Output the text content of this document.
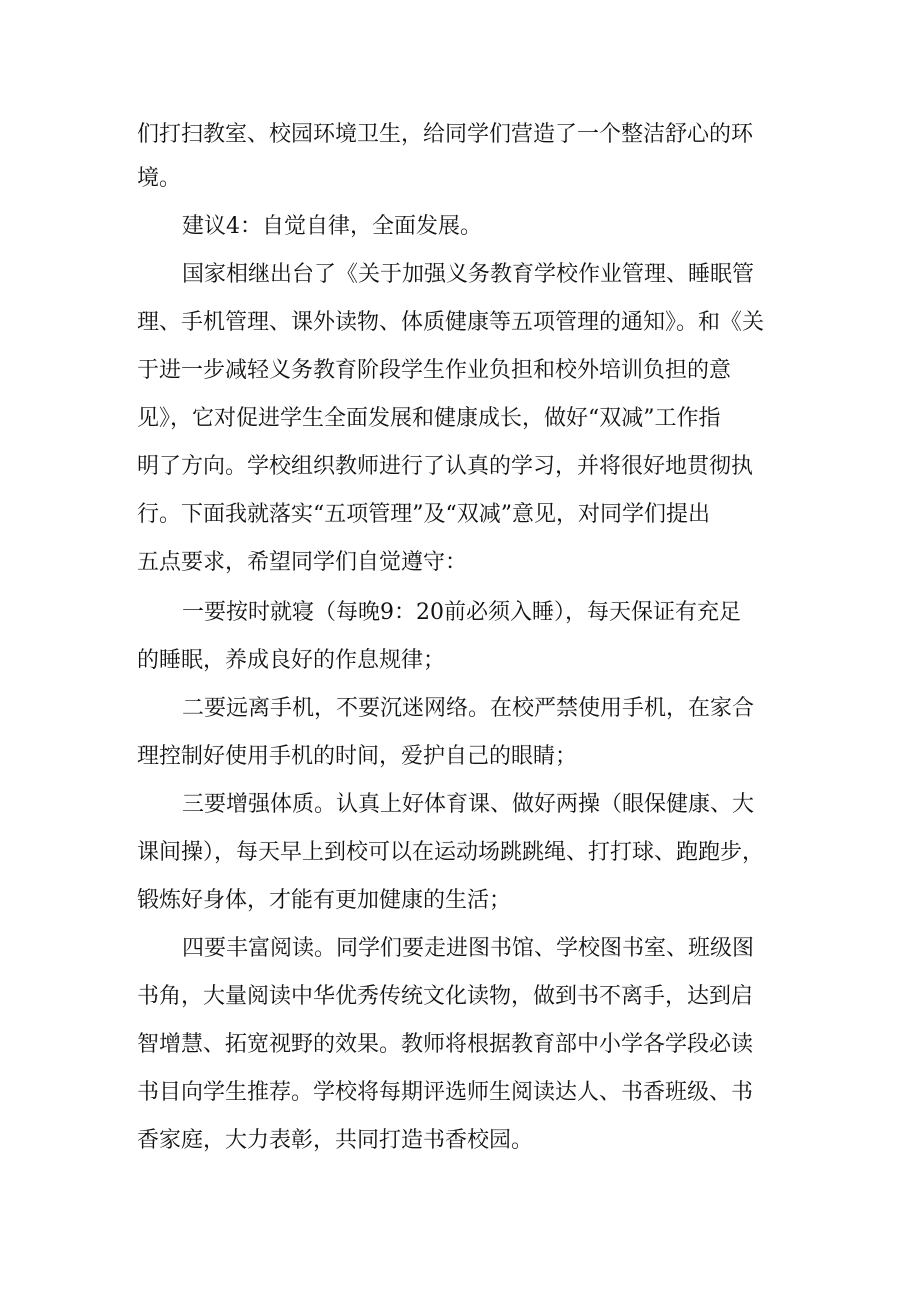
们打扫教室、校园环境卫生，给同学们营造了一个整洁舒心的环

境。

建议4：自觉自律，全面发展。

国家相继出台了《关于加强义务教育学校作业管理、睡眠管

理、手机管理、课外读物、体质健康等五项管理的通知》。和《关

于进一步减轻义务教育阶段学生作业负担和校外培训负担的意

见》，它对促进学生全面发展和健康成长，做好“双减”工作指

明了方向。学校组织教师进行了认真的学习，并将很好地贯彻执

行。下面我就落实“五项管理”及“双减”意见，对同学们提出

五点要求，希望同学们自觉遵守：

一要按时就寝（每晚9：20前必须入睡），每天保证有充足

的睡眠，养成良好的作息规律；

二要远离手机，不要沉迷网络。在校严禁使用手机，在家合

理控制好使用手机的时间，爱护自己的眼睛；

三要增强体质。认真上好体育课、做好两操（眼保健康、大

课间操），每天早上到校可以在运动场跳跳绳、打打球、跑跑步，

锻炼好身体，才能有更加健康的生活；

四要丰富阅读。同学们要走进图书馆、学校图书室、班级图

书角，大量阅读中华优秀传统文化读物，做到书不离手，达到启

智增慧、拓宽视野的效果。教师将根据教育部中小学各学段必读

书目向学生推荐。学校将每期评选师生阅读达人、书香班级、书

香家庭，大力表彰，共同打造书香校园。
